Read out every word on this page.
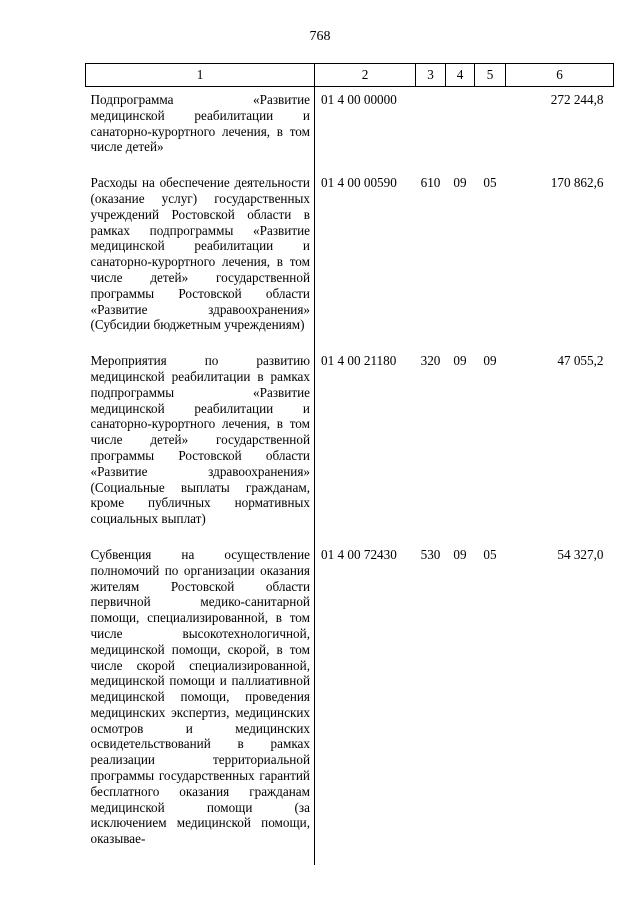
768
1	2	3	4	5	6
Подпрограмма «Развитие медицинской реабилитации и санаторно-курортного лечения, в том числе детей»	01 4 00 00000				272 244,8
Расходы на обеспечение деятельности (оказание услуг) государственных учреждений Ростовской области в рамках подпрограммы «Развитие медицинской реабилитации и санаторно-курортного лечения, в том числе детей» государственной программы Ростовской области «Развитие здравоохранения» (Субсидии бюджетным учреждениям)	01 4 00 00590	610	09	05	170 862,6
Мероприятия по развитию медицинской реабилитации в рамках подпрограммы «Развитие медицинской реабилитации и санаторно-курортного лечения, в том числе детей» государственной программы Ростовской области «Развитие здравоохранения» (Социальные выплаты гражданам, кроме публичных нормативных социальных выплат)	01 4 00 21180	320	09	09	47 055,2
Субвенция на осуществление полномочий по организации оказания жителям Ростовской области первичной медико-санитарной помощи, специализированной, в том числе высокотехнологичной, медицинской помощи, скорой, в том числе скорой специализированной, медицинской помощи и паллиативной медицинской помощи, проведения медицинских экспертиз, медицинских осмотров и медицинских освидетельствований в рамках реализации территориальной программы государственных гарантий бесплатного оказания гражданам медицинской помощи (за исключением медицинской помощи, оказывае-	01 4 00 72430	530	09	05	54 327,0
